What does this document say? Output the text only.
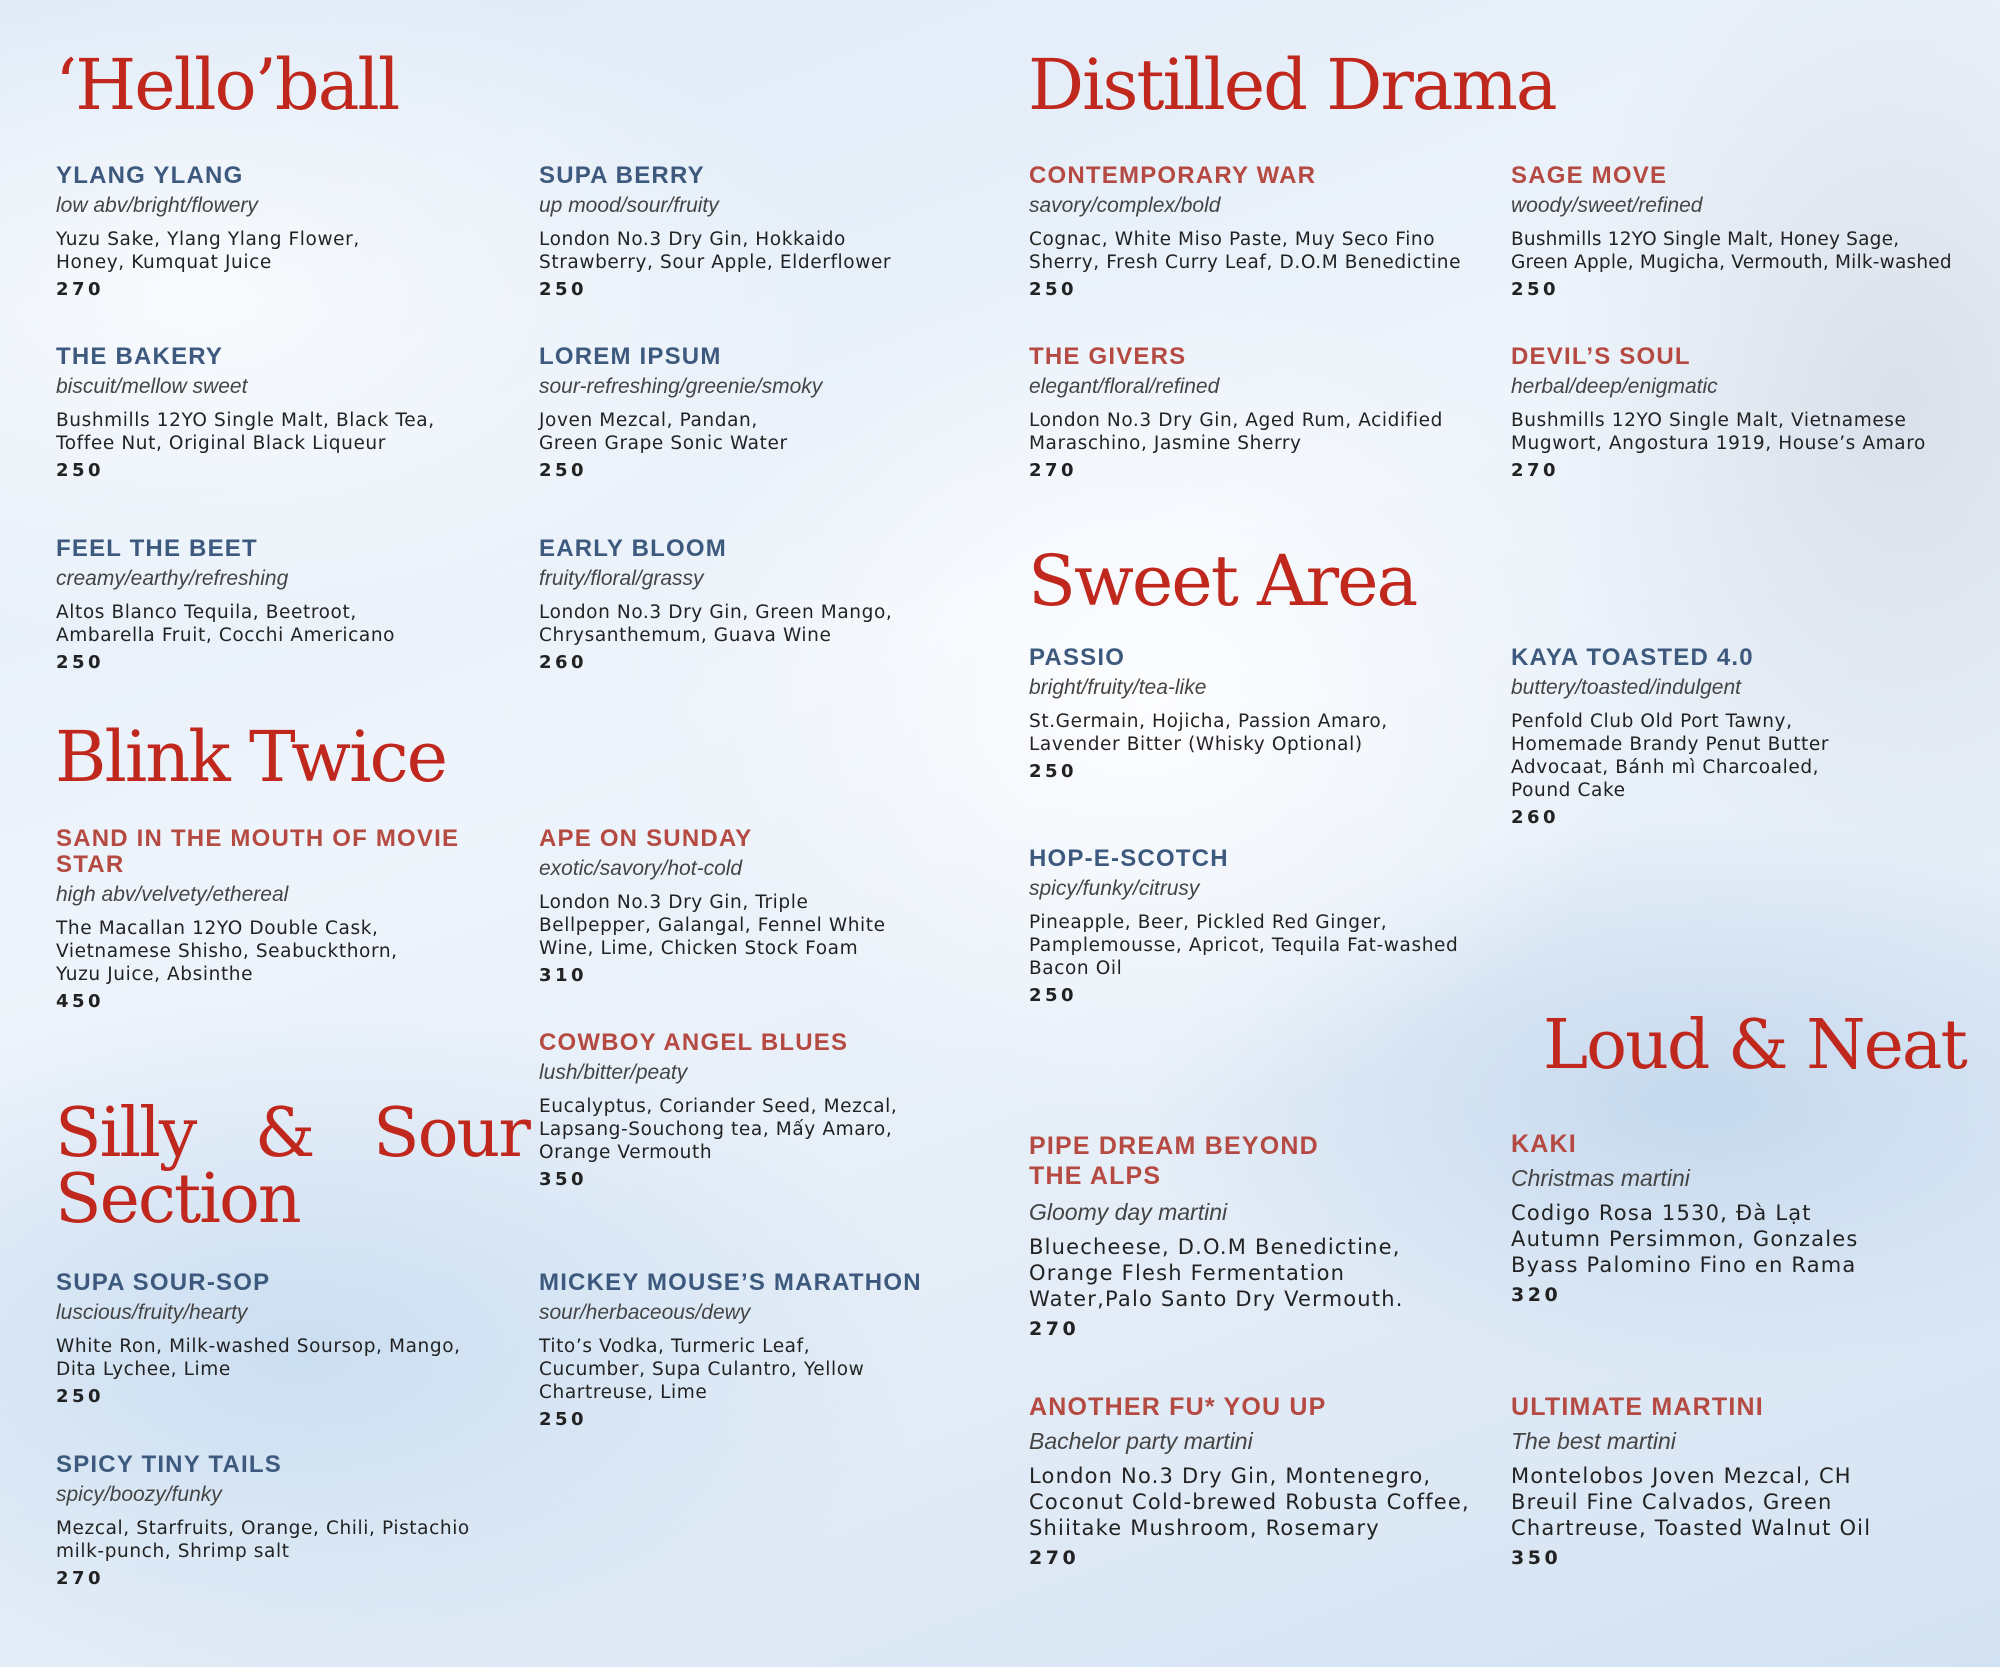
‘Hello’ball	Distilled Drama
Blink Twice
Sweet Area
Silly & Sour
Section
Loud & Neat
YLANG YLANG
low abv/bright/flowery
Yuzu Sake, Ylang Ylang Flower,
Honey, Kumquat Juice
270
THE BAKERY
biscuit/mellow sweet
Bushmills 12YO Single Malt, Black Tea,
Toffee Nut, Original Black Liqueur
250
FEEL THE BEET
creamy/earthy/refreshing
Altos Blanco Tequila, Beetroot,
Ambarella Fruit, Cocchi Americano
250
SAND IN THE MOUTH OF MOVIE
STAR
high abv/velvety/ethereal
The Macallan 12YO Double Cask,
Vietnamese Shisho, Seabuckthorn,
Yuzu Juice, Absinthe
450
SUPA SOUR-SOP
luscious/fruity/hearty
White Ron, Milk-washed Soursop, Mango,
Dita Lychee, Lime
250
SPICY TINY TAILS
spicy/boozy/funky
Mezcal, Starfruits, Orange, Chili, Pistachio
milk-punch, Shrimp salt
270
SUPA BERRY
up mood/sour/fruity
London No.3 Dry Gin, Hokkaido
Strawberry, Sour Apple, Elderflower
250
LOREM IPSUM
sour-refreshing/greenie/smoky
Joven Mezcal, Pandan,
Green Grape Sonic Water
250
EARLY BLOOM
fruity/floral/grassy
London No.3 Dry Gin, Green Mango,
Chrysanthemum, Guava Wine
260
APE ON SUNDAY
exotic/savory/hot-cold
London No.3 Dry Gin, Triple
Bellpepper, Galangal, Fennel White
Wine, Lime, Chicken Stock Foam
310
COWBOY ANGEL BLUES
lush/bitter/peaty
Eucalyptus, Coriander Seed, Mezcal,
Lapsang-Souchong tea, Mấy Amaro,
Orange Vermouth
350
MICKEY MOUSE’S MARATHON
sour/herbaceous/dewy
Tito’s Vodka, Turmeric Leaf,
Cucumber, Supa Culantro, Yellow
Chartreuse, Lime
250
CONTEMPORARY WAR
savory/complex/bold
Cognac, White Miso Paste, Muy Seco Fino
Sherry, Fresh Curry Leaf, D.O.M Benedictine
250
THE GIVERS
elegant/floral/refined
London No.3 Dry Gin, Aged Rum, Acidified
Maraschino, Jasmine Sherry
270
PASSIO
bright/fruity/tea-like
St.Germain, Hojicha, Passion Amaro,
Lavender Bitter (Whisky Optional)
250
HOP-E-SCOTCH
spicy/funky/citrusy
Pineapple, Beer, Pickled Red Ginger,
Pamplemousse, Apricot, Tequila Fat-washed
Bacon Oil
250
PIPE DREAM BEYOND
THE ALPS
Gloomy day martini
Bluecheese, D.O.M Benedictine,
Orange Flesh Fermentation
Water,Palo Santo Dry Vermouth.
270
ANOTHER FU* YOU UP
Bachelor party martini
London No.3 Dry Gin, Montenegro,
Coconut Cold-brewed Robusta Coffee,
Shiitake Mushroom, Rosemary
270
SAGE MOVE
woody/sweet/refined
Bushmills 12YO Single Malt, Honey Sage,
Green Apple, Mugicha, Vermouth, Milk-washed
250
DEVIL’S SOUL
herbal/deep/enigmatic
Bushmills 12YO Single Malt, Vietnamese
Mugwort, Angostura 1919, House’s Amaro
270
KAYA TOASTED 4.0
buttery/toasted/indulgent
Penfold Club Old Port Tawny,
Homemade Brandy Penut Butter
Advocaat, Bánh mì Charcoaled,
Pound Cake
260
KAKI
Christmas martini
Codigo Rosa 1530, Đà Lạt
Autumn Persimmon, Gonzales
Byass Palomino Fino en Rama
320
ULTIMATE MARTINI
The best martini
Montelobos Joven Mezcal, CH
Breuil Fine Calvados, Green
Chartreuse, Toasted Walnut Oil
350
